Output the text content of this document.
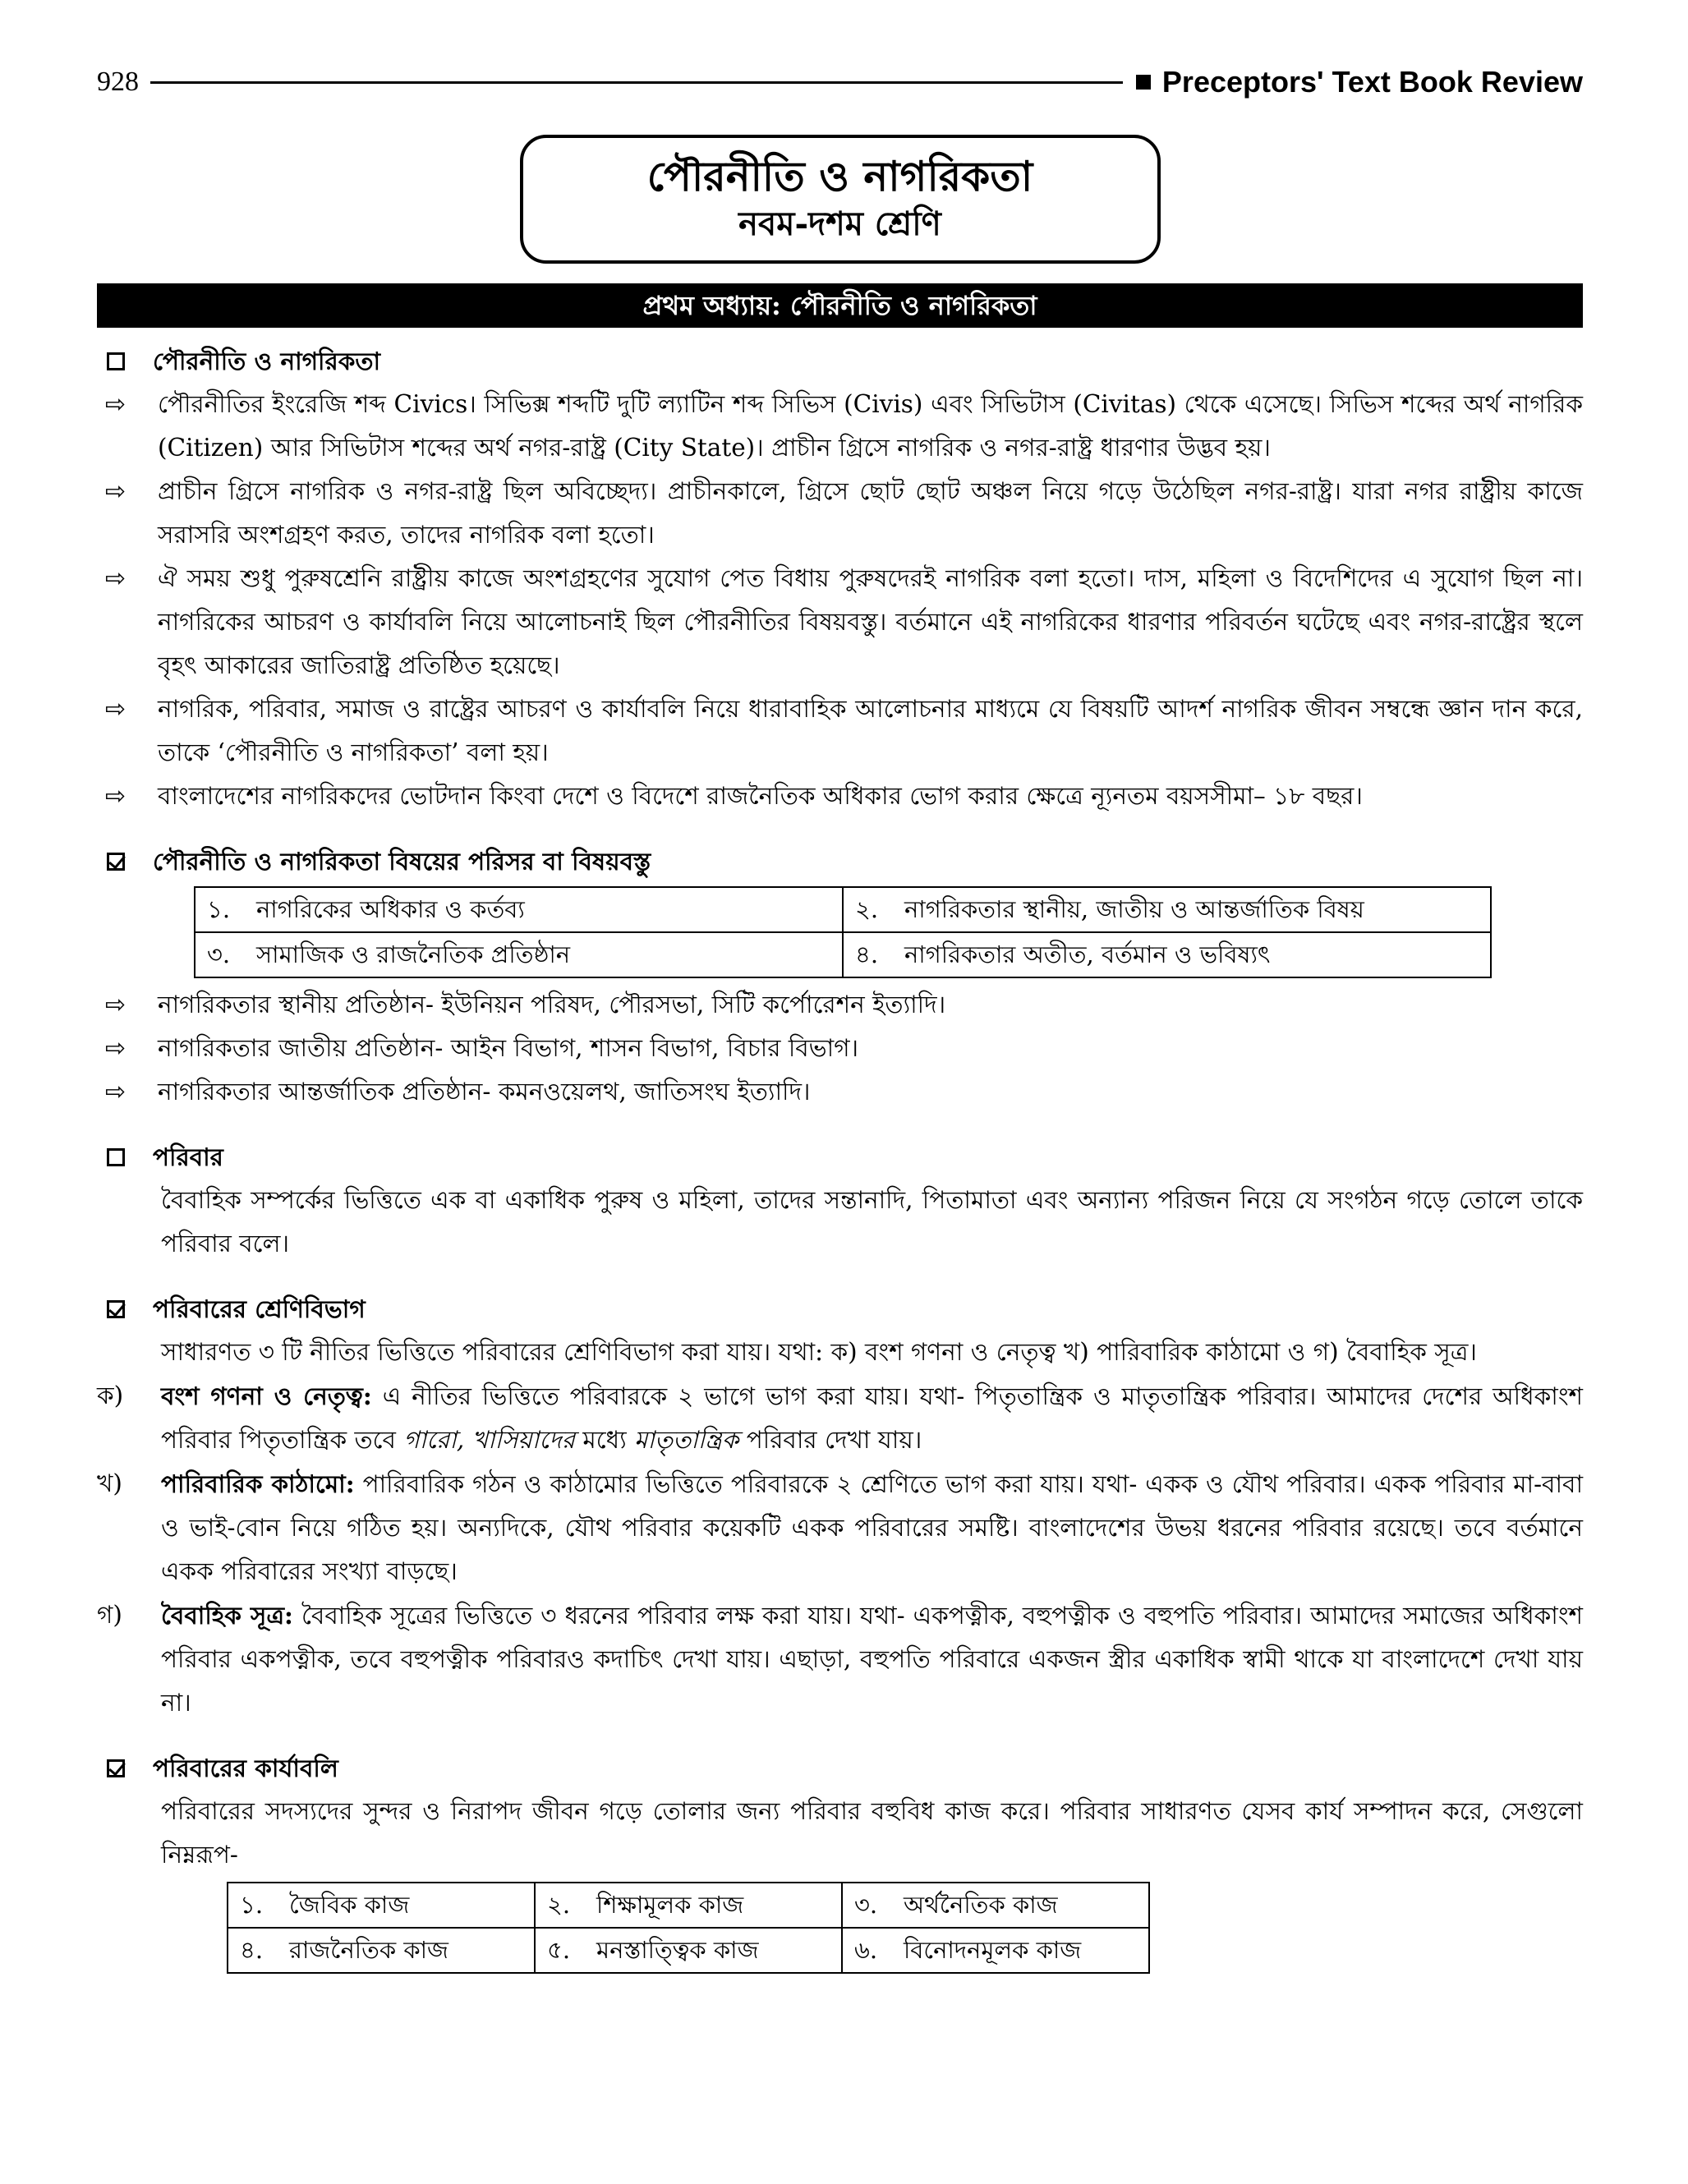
928	Preceptors' Text Book Review
পৌরনীতি ও নাগরিকতা
নবম-দশম শ্রেণি
প্রথম অধ্যায়: পৌরনীতি ও নাগরিকতা
পৌরনীতি ও নাগরিকতা
⇨	পৌরনীতির ইংরেজি শব্দ Civics। সিভিক্স শব্দটি দুটি ল্যাটিন শব্দ সিভিস (Civis) এবং সিভিটাস (Civitas) থেকে এসেছে। সিভিস শব্দের অর্থ নাগরিক (Citizen) আর সিভিটাস শব্দের অর্থ নগর-রাষ্ট্র (City State)। প্রাচীন গ্রিসে নাগরিক ও নগর-রাষ্ট্র ধারণার উদ্ভব হয়।
⇨	প্রাচীন গ্রিসে নাগরিক ও নগর-রাষ্ট্র ছিল অবিচ্ছেদ্য। প্রাচীনকালে, গ্রিসে ছোট ছোট অঞ্চল নিয়ে গড়ে উঠেছিল নগর-রাষ্ট্র। যারা নগর রাষ্ট্রীয় কাজে সরাসরি অংশগ্রহণ করত, তাদের নাগরিক বলা হতো।
⇨	ঐ সময় শুধু পুরুষশ্রেনি রাষ্ট্রীয় কাজে অংশগ্রহণের সুযোগ পেত বিধায় পুরুষদেরই নাগরিক বলা হতো। দাস, মহিলা ও বিদেশিদের এ সুযোগ ছিল না। নাগরিকের আচরণ ও কার্যাবলি নিয়ে আলোচনাই ছিল পৌরনীতির বিষয়বস্তু। বর্তমানে এই নাগরিকের ধারণার পরিবর্তন ঘটেছে এবং নগর-রাষ্ট্রের স্থলে বৃহৎ আকারের জাতিরাষ্ট্র প্রতিষ্ঠিত হয়েছে।
⇨	নাগরিক, পরিবার, সমাজ ও রাষ্ট্রের আচরণ ও কার্যাবলি নিয়ে ধারাবাহিক আলোচনার মাধ্যমে যে বিষয়টি আদর্শ নাগরিক জীবন সম্বন্ধে জ্ঞান দান করে, তাকে ‘পৌরনীতি ও নাগরিকতা’ বলা হয়।
⇨	বাংলাদেশের নাগরিকদের ভোটদান কিংবা দেশে ও বিদেশে রাজনৈতিক অধিকার ভোগ করার ক্ষেত্রে ন্যূনতম বয়সসীমা– ১৮ বছর।
পৌরনীতি ও নাগরিকতা বিষয়ের পরিসর বা বিষয়বস্তু
১. নাগরিকের অধিকার ও কর্তব্য	২. নাগরিকতার স্থানীয়, জাতীয় ও আন্তর্জাতিক বিষয়
৩. সামাজিক ও রাজনৈতিক প্রতিষ্ঠান	৪. নাগরিকতার অতীত, বর্তমান ও ভবিষ্যৎ
⇨	নাগরিকতার স্থানীয় প্রতিষ্ঠান- ইউনিয়ন পরিষদ, পৌরসভা, সিটি কর্পোরেশন ইত্যাদি।
⇨	নাগরিকতার জাতীয় প্রতিষ্ঠান- আইন বিভাগ, শাসন বিভাগ, বিচার বিভাগ।
⇨	নাগরিকতার আন্তর্জাতিক প্রতিষ্ঠান- কমনওয়েলথ, জাতিসংঘ ইত্যাদি।
পরিবার
বৈবাহিক সম্পর্কের ভিত্তিতে এক বা একাধিক পুরুষ ও মহিলা, তাদের সন্তানাদি, পিতামাতা এবং অন্যান্য পরিজন নিয়ে যে সংগঠন গড়ে তোলে তাকে পরিবার বলে।
পরিবারের শ্রেণিবিভাগ
সাধারণত ৩ টি নীতির ভিত্তিতে পরিবারের শ্রেণিবিভাগ করা যায়। যথা: ক) বংশ গণনা ও নেতৃত্ব খ) পারিবারিক কাঠামো ও গ) বৈবাহিক সূত্র।
ক)	বংশ গণনা ও নেতৃত্ব: এ নীতির ভিত্তিতে পরিবারকে ২ ভাগে ভাগ করা যায়। যথা- পিতৃতান্ত্রিক ও মাতৃতান্ত্রিক পরিবার। আমাদের দেশের অধিকাংশ পরিবার পিতৃতান্ত্রিক তবে গারো, খাসিয়াদের মধ্যে মাতৃতান্ত্রিক পরিবার দেখা যায়।
খ)	পারিবারিক কাঠামো: পারিবারিক গঠন ও কাঠামোর ভিত্তিতে পরিবারকে ২ শ্রেণিতে ভাগ করা যায়। যথা- একক ও যৌথ পরিবার। একক পরিবার মা-বাবা ও ভাই-বোন নিয়ে গঠিত হয়। অন্যদিকে, যৌথ পরিবার কয়েকটি একক পরিবারের সমষ্টি। বাংলাদেশের উভয় ধরনের পরিবার রয়েছে। তবে বর্তমানে একক পরিবারের সংখ্যা বাড়ছে।
গ)	বৈবাহিক সূত্র: বৈবাহিক সূত্রের ভিত্তিতে ৩ ধরনের পরিবার লক্ষ করা যায়। যথা- একপত্নীক, বহুপত্নীক ও বহুপতি পরিবার। আমাদের সমাজের অধিকাংশ পরিবার একপত্নীক, তবে বহুপত্নীক পরিবারও কদাচিৎ দেখা যায়। এছাড়া, বহুপতি পরিবারে একজন স্ত্রীর একাধিক স্বামী থাকে যা বাংলাদেশে দেখা যায় না।
পরিবারের কার্যাবলি
পরিবারের সদস্যদের সুন্দর ও নিরাপদ জীবন গড়ে তোলার জন্য পরিবার বহুবিধ কাজ করে। পরিবার সাধারণত যেসব কার্য সম্পাদন করে, সেগুলো নিম্নরূপ-
১. জৈবিক কাজ	২. শিক্ষামূলক কাজ	৩. অর্থনৈতিক কাজ
৪. রাজনৈতিক কাজ	৫. মনস্তাত্ত্বিক কাজ	৬. বিনোদনমূলক কাজ
